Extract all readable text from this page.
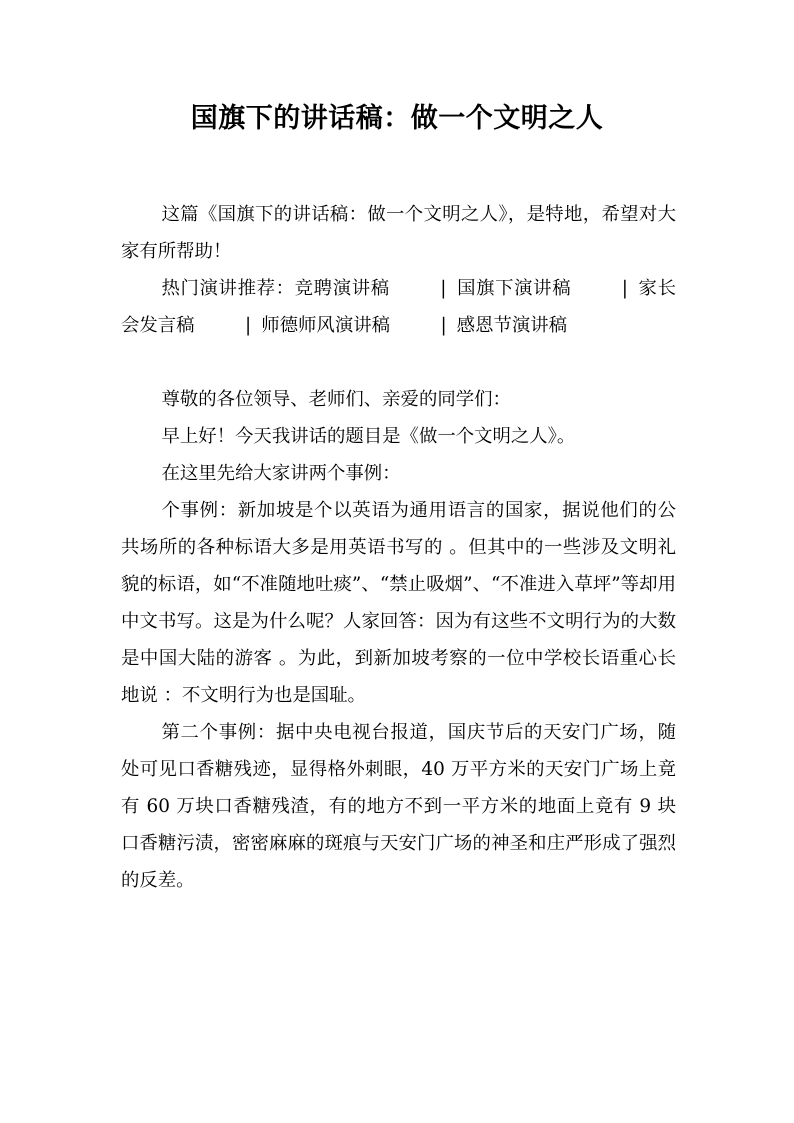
国旗下的讲话稿：做一个文明之人

这篇《国旗下的讲话稿：做一个文明之人》，是特地，希望对大家有所帮助！

热门演讲推荐：竞聘演讲稿	| 国旗下演讲稿	| 家长会发言稿	| 师德师风演讲稿	| 感恩节演讲稿

尊敬的各位领导、老师们、亲爱的同学们：

早上好！今天我讲话的题目是《做一个文明之人》。

在这里先给大家讲两个事例：

个事例：新加坡是个以英语为通用语言的国家，据说他们的公共场所的各种标语大多是用英语书写的 。但其中的一些涉及文明礼貌的标语，如“不准随地吐痰”、“禁止吸烟”、“不准进入草坪”等却用中文书写。这是为什么呢？人家回答：因为有这些不文明行为的大数是中国大陆的游客 。为此，到新加坡考察的一位中学校长语重心长地说 ：不文明行为也是国耻。

第二个事例：据中央电视台报道，国庆节后的天安门广场，随处可见口香糖残迹，显得格外刺眼，40 万平方米的天安门广场上竟有 60 万块口香糖残渣，有的地方不到一平方米的地面上竟有 9 块口香糖污渍，密密麻麻的斑痕与天安门广场的神圣和庄严形成了强烈的反差。
